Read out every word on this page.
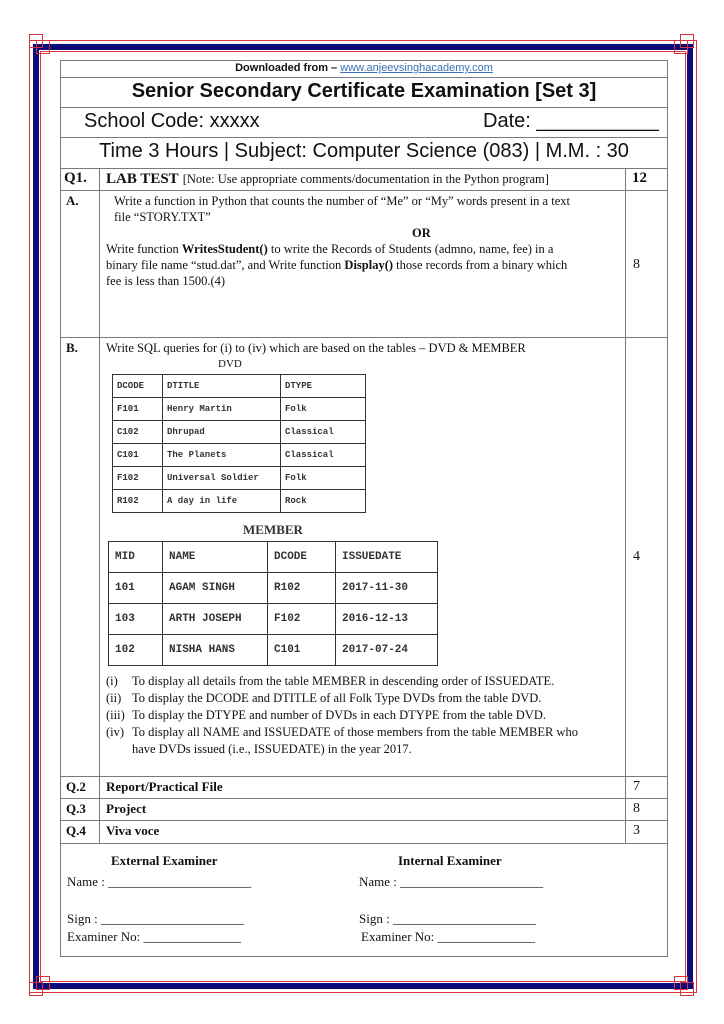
Downloaded from – www.anjeevsinghacademy.com
Senior Secondary Certificate Examination [Set 3]
School Code: xxxxx	Date: ___________
Time 3 Hours | Subject: Computer Science (083) | M.M. : 30
Q1. LAB TEST [Note: Use appropriate comments/documentation in the Python program]	12
A.	Write a function in Python that counts the number of “Me” or “My” words present in a text
file “STORY.TXT”
OR
Write function WritesStudent() to write the Records of Students (admno, name, fee) in a
binary file name “stud.dat”, and Write function Display() those records from a binary which
fee is less than 1500.(4)
8
B. Write SQL queries for (i) to (iv) which are based on the tables – DVD & MEMBER
DVD
DCODE	DTITLE	DTYPE
F101	Henry Martin	Folk
C102	Dhrupad	Classical
C101	The Planets	Classical
F102	Universal Soldier	Folk
R102	A day in life	Rock
MEMBER
MID	NAME	DCODE	ISSUEDATE
101	AGAM SINGH	R102	2017-11-30
103	ARTH JOSEPH	F102	2016-12-13
102	NISHA HANS	C101	2017-07-24
4
(i) To display all details from the table MEMBER in descending order of ISSUEDATE.
(ii) To display the DCODE and DTITLE of all Folk Type DVDs from the table DVD.
(iii) To display the DTYPE and number of DVDs in each DTYPE from the table DVD.
(iv) To display all NAME and ISSUEDATE of those members from the table MEMBER who
have DVDs issued (i.e., ISSUEDATE) in the year 2017.
Q.2 Report/Practical File	7
Q.3 Project	8
Q.4 Viva voce	3
External Examiner
Name : ______________________
Sign : ______________________
Examiner No: _______________
Internal Examiner
Name : ______________________
Sign : ______________________
Examiner No: _______________
